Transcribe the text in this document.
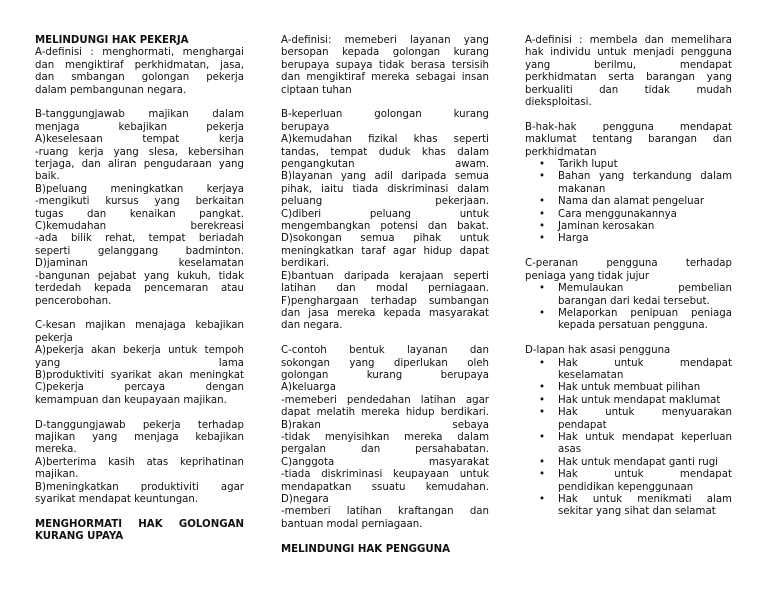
MELINDUNGI HAK PEKERJA

A-definisi : menghormati, menghargai

dan mengiktiraf perkhidmatan, jasa,

dan smbangan golongan pekerja

dalam pembangunan negara.

B-tanggungjawab majikan dalam

menjaga kebajikan pekerja

A)keselesaan tempat kerja

-ruang kerja yang slesa, kebersihan

terjaga, dan aliran pengudaraan yang

baik.

B)peluang meningkatkan kerjaya

-mengikuti kursus yang berkaitan

tugas dan kenaikan pangkat.

C)kemudahan berekreasi

-ada bilik rehat, tempat beriadah

seperti gelanggang badminton.

D)jaminan keselamatan

-bangunan pejabat yang kukuh, tidak

terdedah kepada pencemaran atau

pencerobohan.

C-kesan majikan menajaga kebajikan

pekerja

A)pekerja akan bekerja untuk tempoh

yang lama

B)produktiviti syarikat akan meningkat

C)pekerja percaya dengan

kemampuan dan keupayaan majikan.

D-tanggungjawab pekerja terhadap

majikan yang menjaga kebajikan

mereka.

A)berterima kasih atas keprihatinan

majikan.

B)meningkatkan produktiviti agar

syarikat mendapat keuntungan.

MENGHORMATI HAK GOLONGAN

KURANG UPAYA

A-definisi: memeberi layanan yang

bersopan kepada golongan kurang

berupaya supaya tidak berasa tersisih

dan mengiktiraf mereka sebagai insan

ciptaan tuhan

B-keperluan golongan kurang

berupaya

A)kemudahan fizikal khas seperti

tandas, tempat duduk khas dalam

pengangkutan awam.

B)layanan yang adil daripada semua

pihak, iaitu tiada diskriminasi dalam

peluang pekerjaan.

C)diberi peluang untuk

mengembangkan potensi dan bakat.

D)sokongan semua pihak untuk

meningkatkan taraf agar hidup dapat

berdikari.

E)bantuan daripada kerajaan seperti

latihan dan modal perniagaan.

F)penghargaan terhadap sumbangan

dan jasa mereka kepada masyarakat

dan negara.

C-contoh bentuk layanan dan

sokongan yang diperlukan oleh

golongan kurang berupaya

A)keluarga

-memeberi pendedahan latihan agar

dapat melatih mereka hidup berdikari.

B)rakan sebaya

-tidak menyisihkan mereka dalam

pergalan dan persahabatan.

C)anggota masyarakat

-tiada diskriminasi keupayaan untuk

mendapatkan ssuatu kemudahan.

D)negara

-memberi latihan kraftangan dan

bantuan modal perniagaan.

MELINDUNGI HAK PENGGUNA

A-definisi : membela dan memelihara

hak individu untuk menjadi pengguna

yang berilmu, mendapat

perkhidmatan serta barangan yang

berkualiti dan tidak mudah

dieksploitasi.

B-hak-hak pengguna mendapat

maklumat tentang barangan dan

perkhidmatan

• Tarikh luput
• Bahan yang terkandung dalam
makanan
• Nama dan alamat pengeluar
• Cara menggunakannya
• Jaminan kerosakan
• Harga

C-peranan pengguna terhadap

peniaga yang tidak jujur

• Memulaukan pembelian
barangan dari kedai tersebut.
• Melaporkan penipuan peniaga
kepada persatuan pengguna.

D-lapan hak asasi pengguna

• Hak untuk mendapat
keselamatan
• Hak untuk membuat pilihan
• Hak untuk mendapat maklumat
• Hak untuk menyuarakan
pendapat
• Hak untuk mendapat keperluan
asas
• Hak untuk mendapat ganti rugi
• Hak untuk mendapat
pendidikan kepenggunaan
• Hak untuk menikmati alam
sekitar yang sihat dan selamat
